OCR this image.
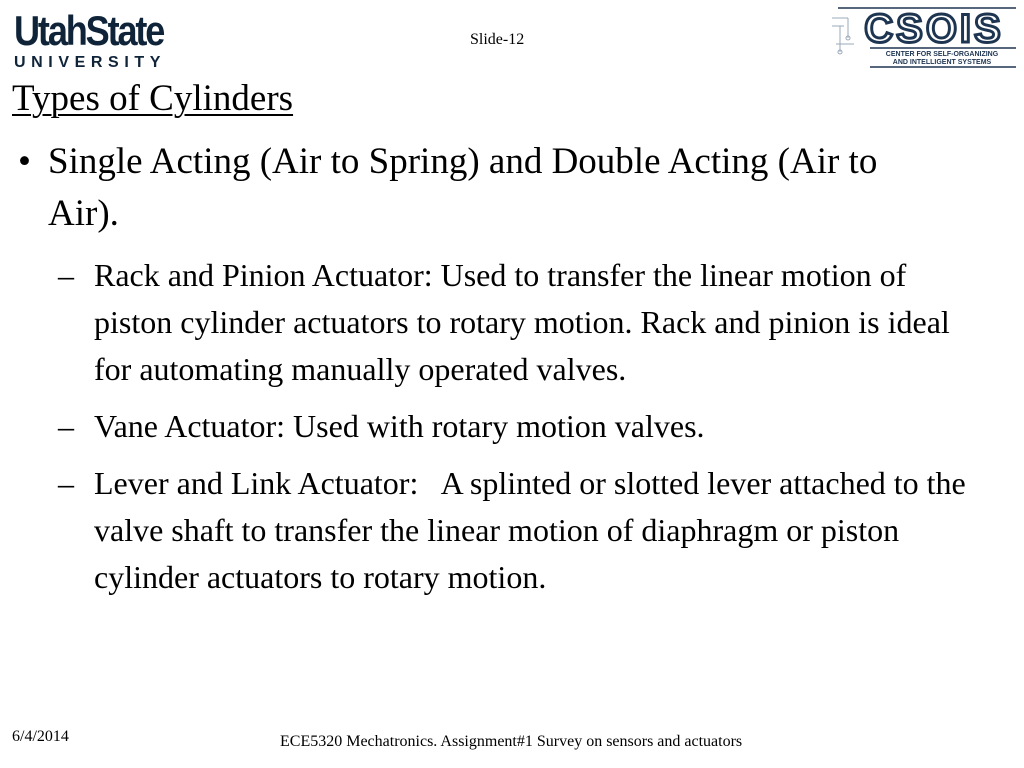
UtahState
UNIVERSITY
Slide-12	CSOIS
CENTER FOR SELF-ORGANIZING
AND INTELLIGENT SYSTEMS
Types of Cylinders
• Single Acting (Air to Spring) and Double Acting (Air to Air).
– Rack and Pinion Actuator: Used to transfer the linear motion of piston cylinder actuators to rotary motion. Rack and pinion is ideal for automating manually operated valves.
– Vane Actuator: Used with rotary motion valves.
– Lever and Link Actuator:   A splinted or slotted lever attached to the valve shaft to transfer the linear motion of diaphragm or piston cylinder actuators to rotary motion.
6/4/2014	ECE5320 Mechatronics. Assignment#1 Survey on sensors and actuators
